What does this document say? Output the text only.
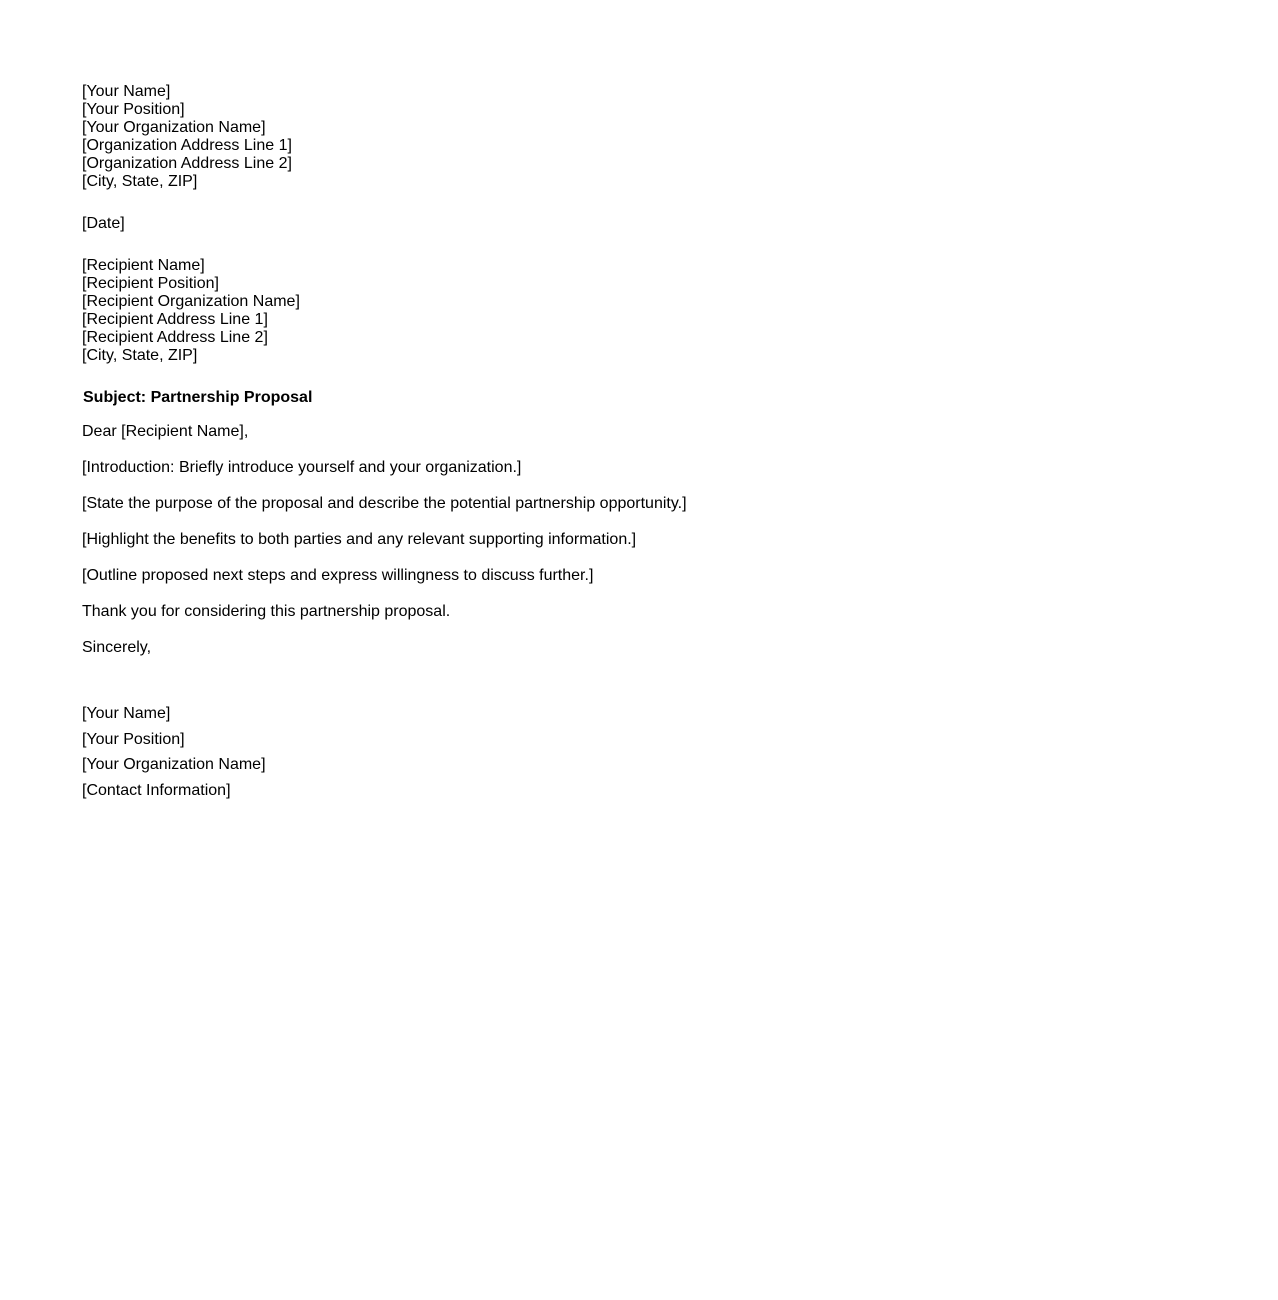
[Your Name]
[Your Position]
[Your Organization Name]
[Organization Address Line 1]
[Organization Address Line 2]
[City, State, ZIP]
[Date]
[Recipient Name]
[Recipient Position]
[Recipient Organization Name]
[Recipient Address Line 1]
[Recipient Address Line 2]
[City, State, ZIP]
Subject: Partnership Proposal
Dear [Recipient Name],
[Introduction: Briefly introduce yourself and your organization.]
[State the purpose of the proposal and describe the potential partnership opportunity.]
[Highlight the benefits to both parties and any relevant supporting information.]
[Outline proposed next steps and express willingness to discuss further.]
Thank you for considering this partnership proposal.
Sincerely,
[Your Name]
[Your Position]
[Your Organization Name]
[Contact Information]
